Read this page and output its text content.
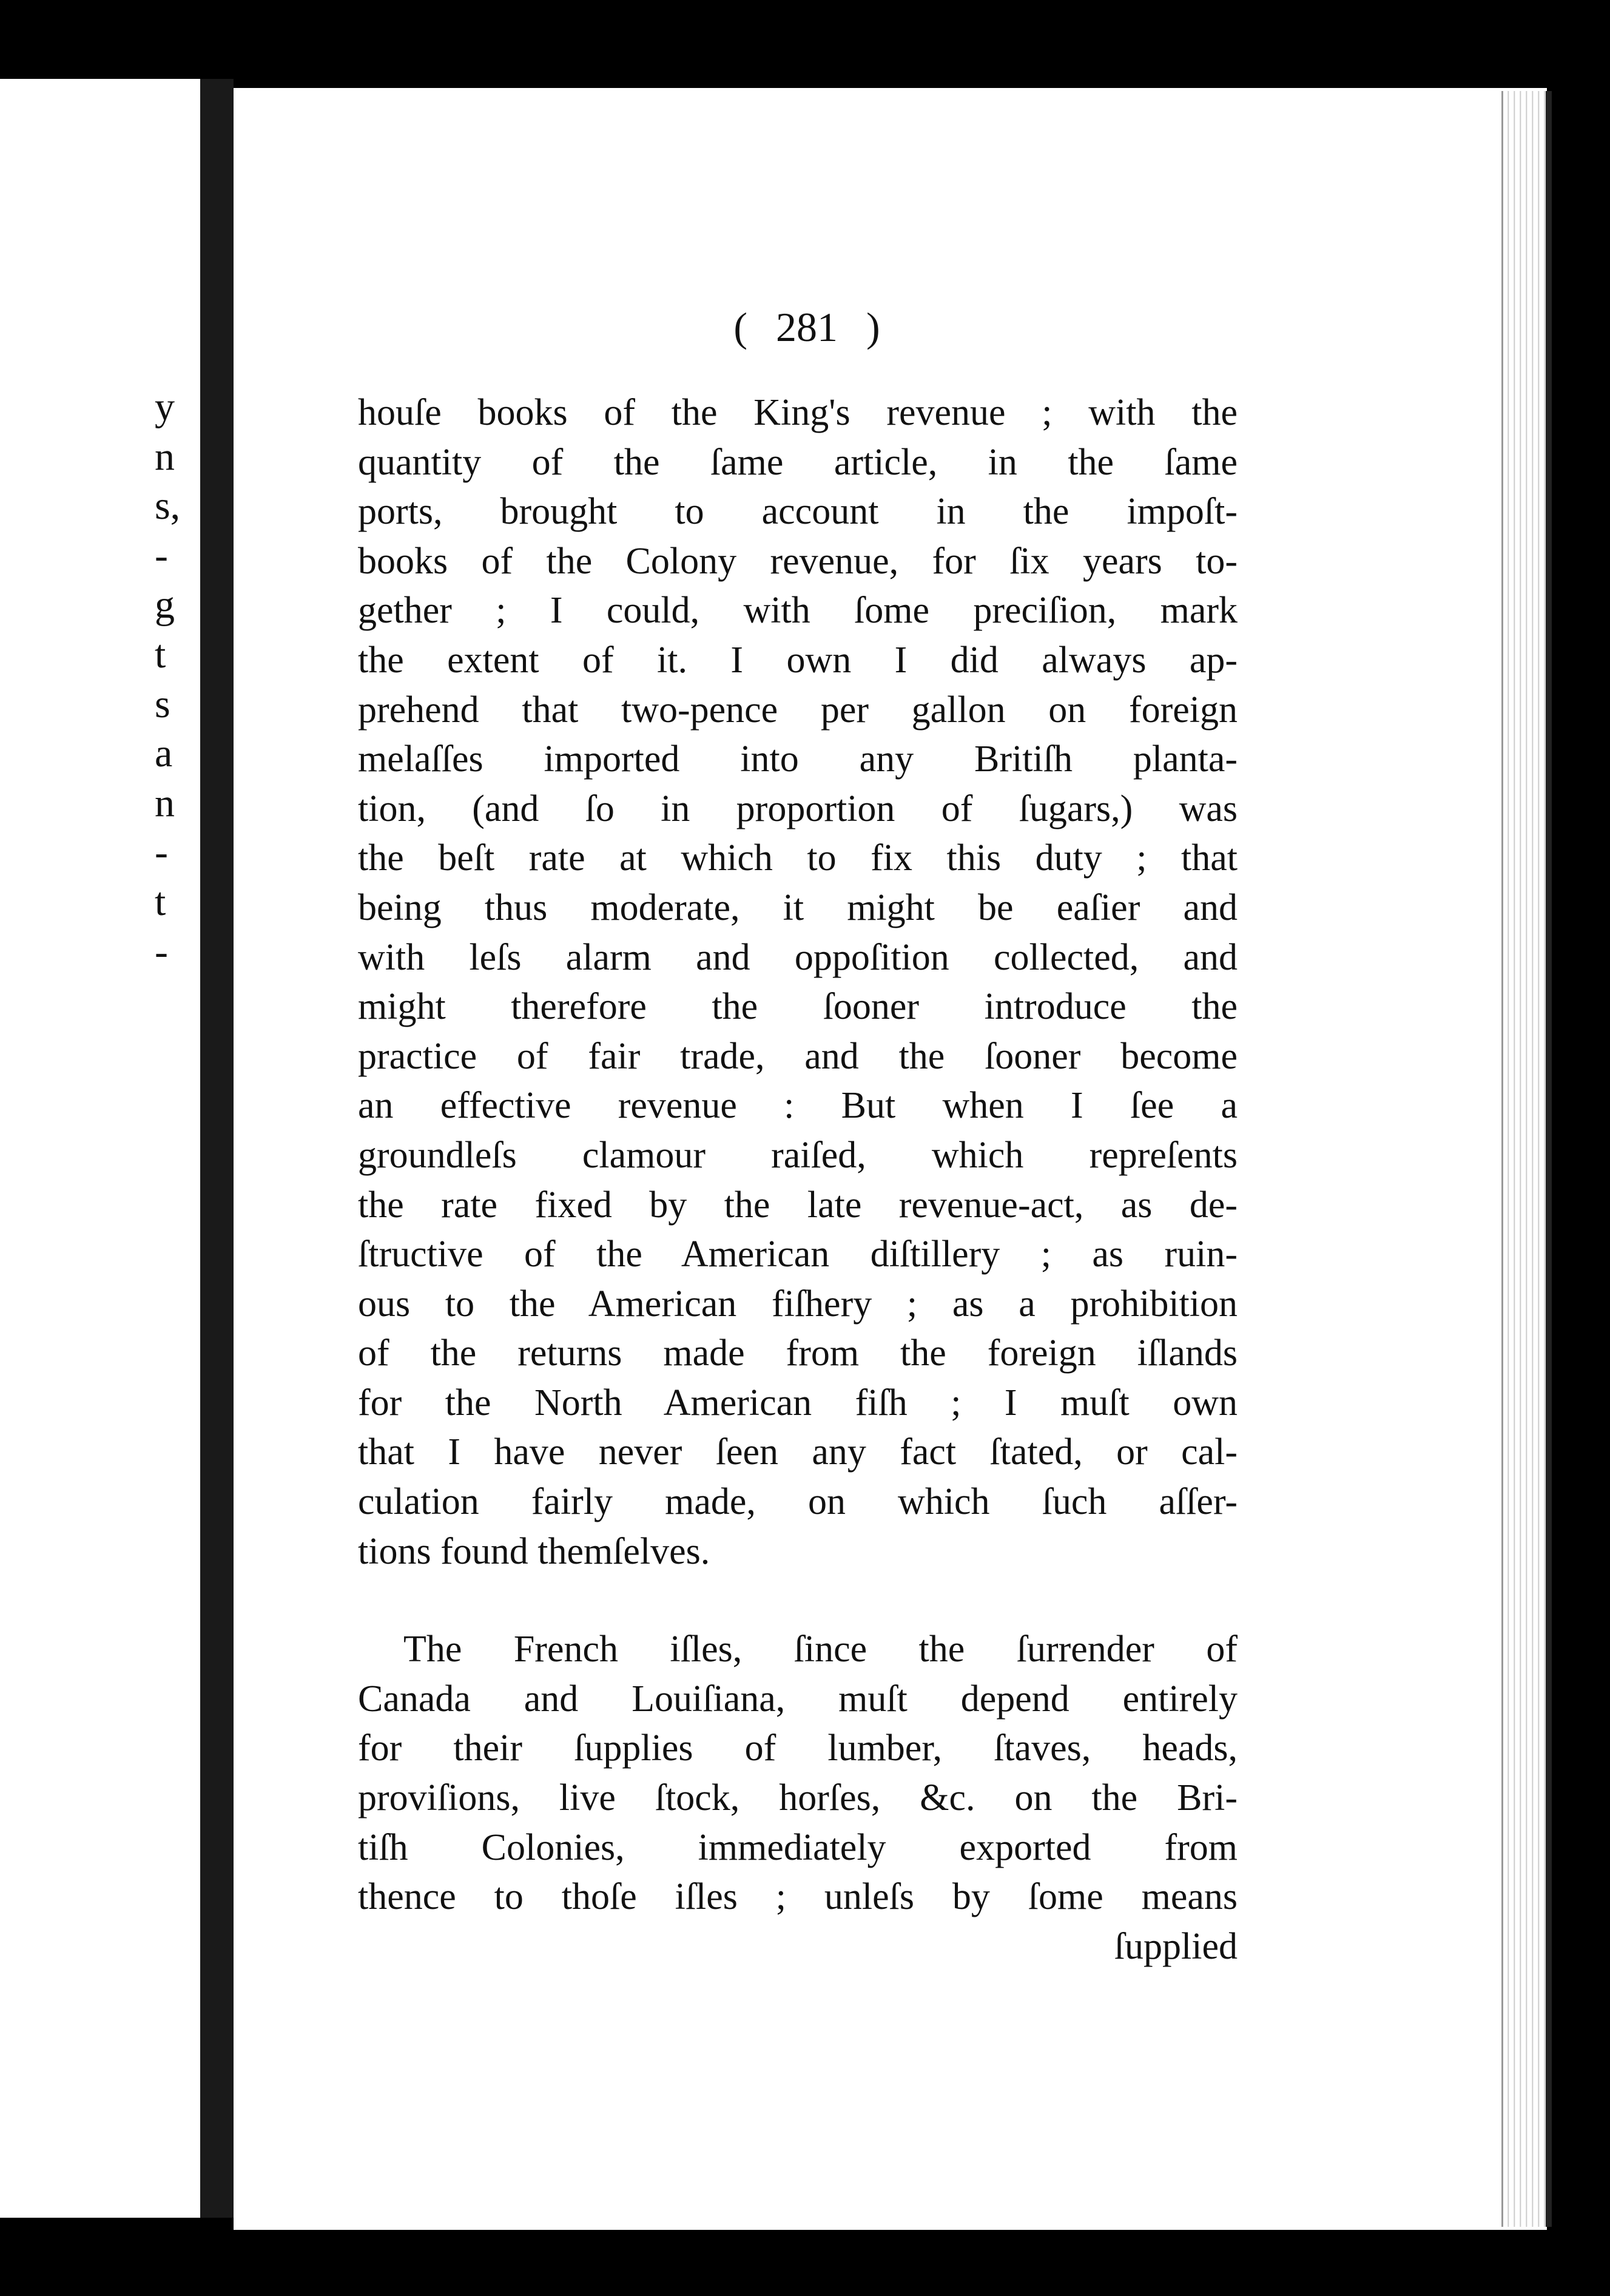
y
n
s,
-
g
t
s
a
n
-
t
-
( 281 )
houſe books of the King's revenue ; with the
quantity of the ſame article, in the ſame
ports, brought to account in the impoſt-
books of the Colony revenue, for ſix years to-
gether ; I could, with ſome preciſion, mark
the extent of it. I own I did always ap-
prehend that two-pence per gallon on foreign
melaſſes imported into any Britiſh planta-
tion, (and ſo in proportion of ſugars,) was
the beſt rate at which to fix this duty ; that
being thus moderate, it might be eaſier and
with leſs alarm and oppoſition collected, and
might therefore the ſooner introduce the
practice of fair trade, and the ſooner become
an effective revenue : But when I ſee a
groundleſs clamour raiſed, which repreſents
the rate fixed by the late revenue-act, as de-
ſtructive of the American diſtillery ; as ruin-
ous to the American fiſhery ; as a prohibition
of the returns made from the foreign iſlands
for the North American fiſh ; I muſt own
that I have never ſeen any fact ſtated, or cal-
culation fairly made, on which ſuch aſſer-
tions found themſelves.
The French iſles, ſince the ſurrender of
Canada and Louiſiana, muſt depend entirely
for their ſupplies of lumber, ſtaves, heads,
proviſions, live ſtock, horſes, &c. on the Bri-
tiſh Colonies, immediately exported from
thence to thoſe iſles ; unleſs by ſome means
ſupplied
